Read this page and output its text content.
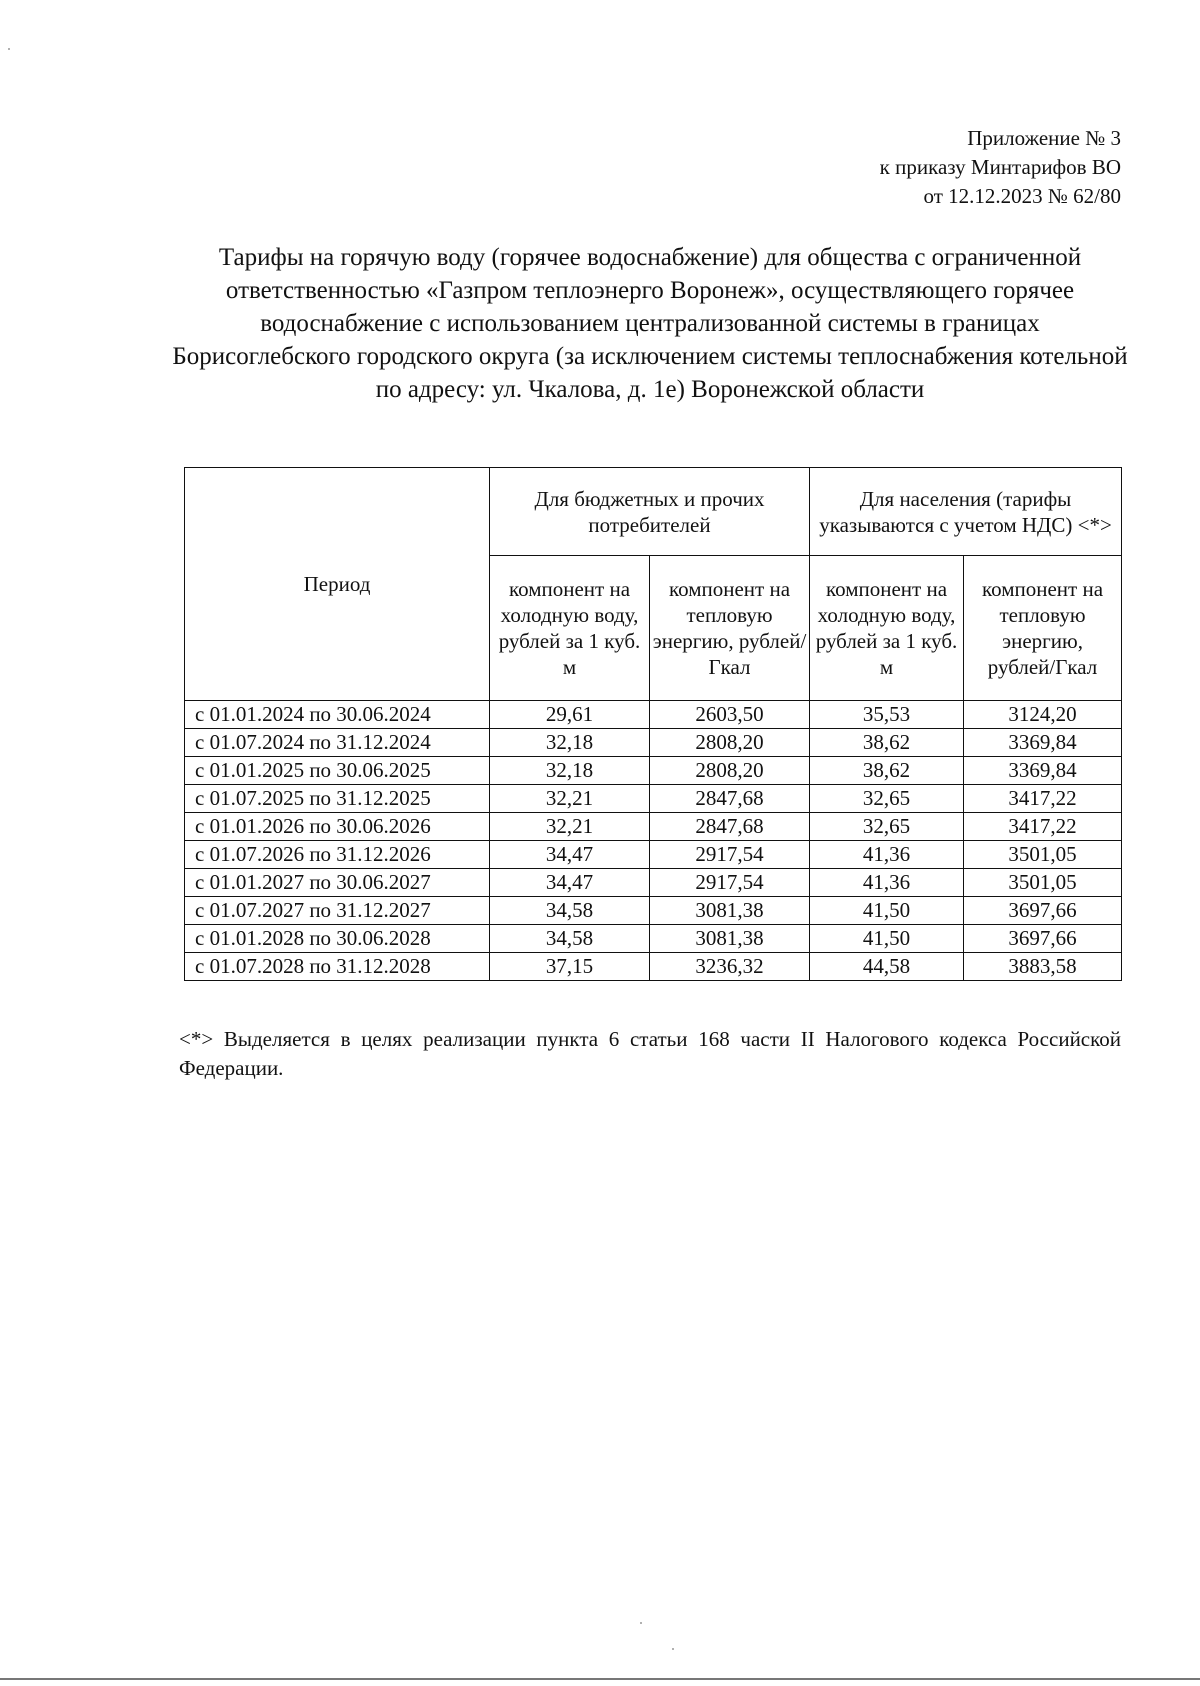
Приложение № 3
к приказу Минтарифов ВО
от 12.12.2023 № 62/80
Тарифы на горячую воду (горячее водоснабжение) для общества с ограниченной ответственностью «Газпром теплоэнерго Воронеж», осуществляющего горячее водоснабжение с использованием централизованной системы в границах Борисоглебского городского округа (за исключением системы теплоснабжения котельной по адресу: ул. Чкалова, д. 1е) Воронежской области
Период	Для бюджетных и прочих потребителей		Для населения (тарифы указываются с учетом НДС) <*>	
	компонент на холодную воду, рублей за 1 куб. м	компонент на тепловую энергию, рублей/Гкал	компонент на холодную воду, рублей за 1 куб. м	компонент на тепловую энергию, рублей/Гкал
с 01.01.2024 по 30.06.2024	29,61	2603,50	35,53	3124,20
с 01.07.2024 по 31.12.2024	32,18	2808,20	38,62	3369,84
с 01.01.2025 по 30.06.2025	32,18	2808,20	38,62	3369,84
с 01.07.2025 по 31.12.2025	32,21	2847,68	32,65	3417,22
с 01.01.2026 по 30.06.2026	32,21	2847,68	32,65	3417,22
с 01.07.2026 по 31.12.2026	34,47	2917,54	41,36	3501,05
с 01.01.2027 по 30.06.2027	34,47	2917,54	41,36	3501,05
с 01.07.2027 по 31.12.2027	34,58	3081,38	41,50	3697,66
с 01.01.2028 по 30.06.2028	34,58	3081,38	41,50	3697,66
с 01.07.2028 по 31.12.2028	37,15	3236,32	44,58	3883,58
<*> Выделяется в целях реализации пункта 6 статьи 168 части II Налогового кодекса Российской Федерации.
